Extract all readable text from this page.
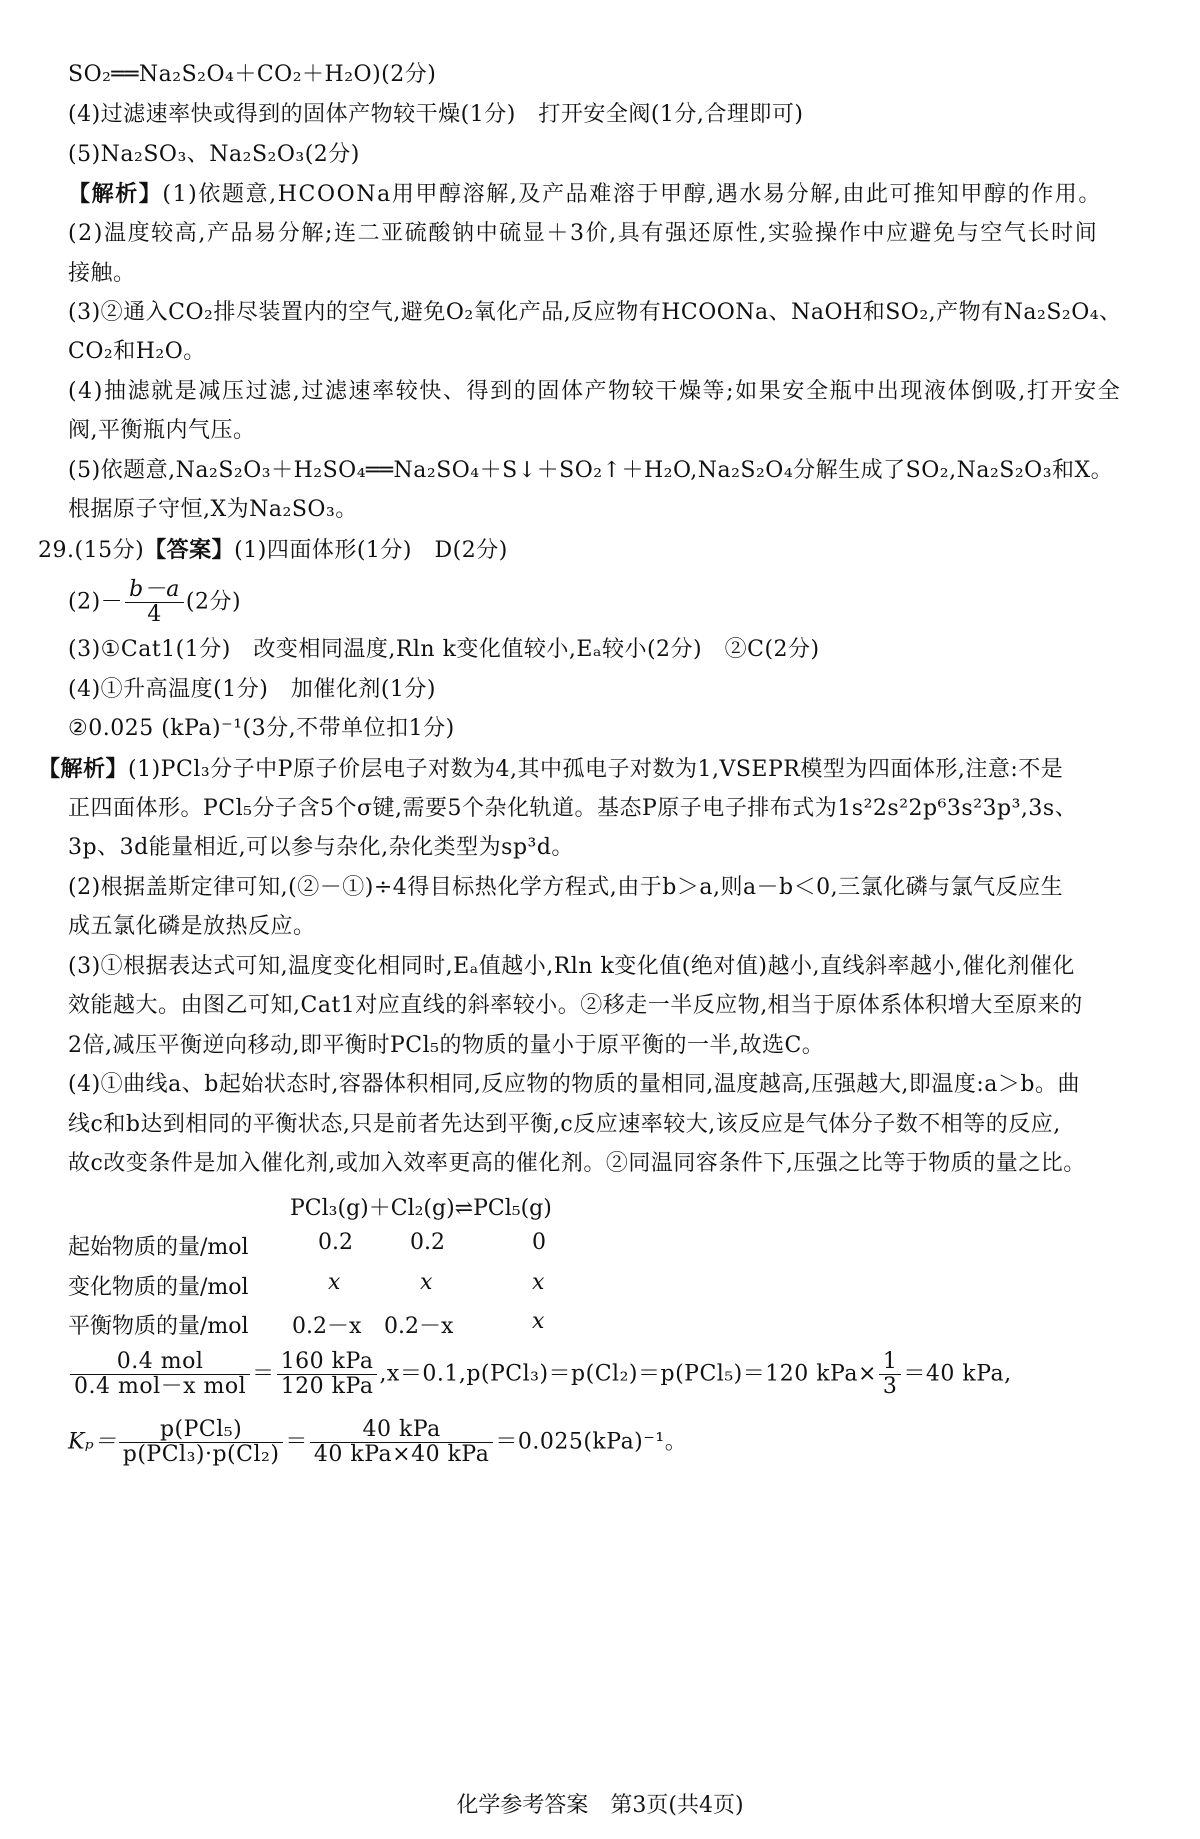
SO₂══Na₂S₂O₄＋CO₂＋H₂O)(2分)
(4)过滤速率快或得到的固体产物较干燥(1分)　打开安全阀(1分,合理即可)
(5)Na₂SO₃、Na₂S₂O₃(2分)
【解析】(1)依题意,HCOONa用甲醇溶解,及产品难溶于甲醇,遇水易分解,由此可推知甲醇的作用。
(2)温度较高,产品易分解;连二亚硫酸钠中硫显＋3价,具有强还原性,实验操作中应避免与空气长时间
接触。
(3)②通入CO₂排尽装置内的空气,避免O₂氧化产品,反应物有HCOONa、NaOH和SO₂,产物有Na₂S₂O₄、
CO₂和H₂O。
(4)抽滤就是减压过滤,过滤速率较快、得到的固体产物较干燥等;如果安全瓶中出现液体倒吸,打开安全
阀,平衡瓶内气压。
(5)依题意,Na₂S₂O₃＋H₂SO₄══Na₂SO₄＋S↓＋SO₂↑＋H₂O,Na₂S₂O₄分解生成了SO₂,Na₂S₂O₃和X。
根据原子守恒,X为Na₂SO₃。
29.(15分)【答案】(1)四面体形(1分)　D(2分)
$(2)- \frac{b-a}{4} (2$分)
(3)①Cat1(1分)　改变相同温度,Rln k变化值较小,Eₐ较小(2分)　②C(2分)
(4)①升高温度(1分)　加催化剂(1分)
②0.025 (kPa)⁻¹(3分,不带单位扣1分)
【解析】(1)PCl₃分子中P原子价层电子对数为4,其中孤电子对数为1,VSEPR模型为四面体形,注意:不是
正四面体形。PCl₅分子含5个σ键,需要5个杂化轨道。基态P原子电子排布式为1s²2s²2p⁶3s²3p³,3s、
3p、3d能量相近,可以参与杂化,杂化类型为sp³d。
(2)根据盖斯定律可知,(②－①)÷4得目标热化学方程式,由于b＞a,则a－b＜0,三氯化磷与氯气反应生
成五氯化磷是放热反应。
(3)①根据表达式可知,温度变化相同时,Eₐ值越小,Rln k变化值(绝对值)越小,直线斜率越小,催化剂催化
效能越大。由图乙可知,Cat1对应直线的斜率较小。②移走一半反应物,相当于原体系体积增大至原来的
2倍,减压平衡逆向移动,即平衡时PCl₅的物质的量小于原平衡的一半,故选C。
(4)①曲线a、b起始状态时,容器体积相同,反应物的物质的量相同,温度越高,压强越大,即温度:a＞b。曲
线c和b达到相同的平衡状态,只是前者先达到平衡,c反应速率较大,该反应是气体分子数不相等的反应,
故c改变条件是加入催化剂,或加入效率更高的催化剂。②同温同容条件下,压强之比等于物质的量之比。
PCl₃(g)＋Cl₂(g)⇌PCl₅(g)
起始物质的量/mol	0.2	0.2	0
变化物质的量/mol	x	x	x
平衡物质的量/mol 0.2－x 0.2－x	x
$\frac{\text{0.4 mol}}{\text{0.4 mol－x mol}} = \frac{\text{160 kPa}}{\text{120 kPa}} ,x=0.1,p(PCl_3)=p(Cl_2)=p(PCl_5)=120$ $kPa\times \frac{1}{3} =40$ kPa,
$K_p= \frac{\text{p(PCl₅)}}{\text{p(PCl₃)·p(Cl₂)}} = \frac{\text{40 kPa}}{\text{40 kPa×40 kPa}} =0.025(kPa)^{-1}$。
化学参考答案　第3页(共4页)
